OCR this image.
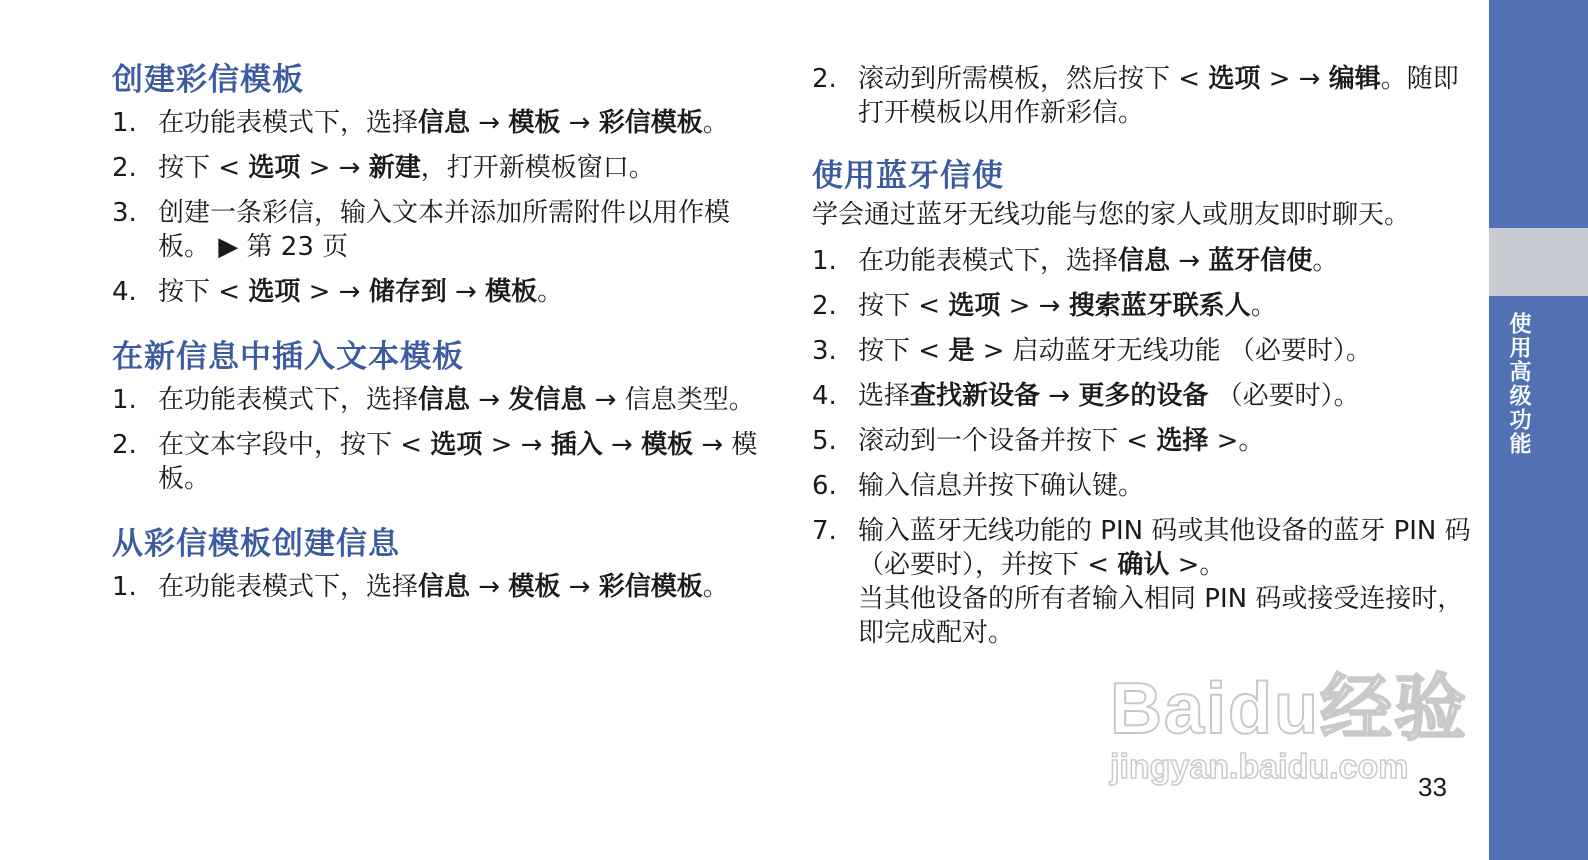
创建彩信模板
1. 在功能表模式下，选择信息 → 模板 → 彩信模板。
2. 按下 < 选项 > → 新建，打开新模板窗口。
3. 创建一条彩信，输入文本并添加所需附件以用作模板。 ▶ 第 23 页
4. 按下 < 选项 > → 储存到 → 模板。
在新信息中插入文本模板
1. 在功能表模式下，选择信息 → 发信息 → 信息类型。
2. 在文本字段中，按下 < 选项 > → 插入 → 模板 → 模板。
从彩信模板创建信息
1. 在功能表模式下，选择信息 → 模板 → 彩信模板。
2. 滚动到所需模板，然后按下 < 选项 > → 编辑。随即打开模板以用作新彩信。
使用蓝牙信使

学会通过蓝牙无线功能与您的家人或朋友即时聊天。

1. 在功能表模式下，选择信息 → 蓝牙信使。
2. 按下 < 选项 > → 搜索蓝牙联系人。
3. 按下 < 是 > 启动蓝牙无线功能 （必要时）。
4. 选择查找新设备 → 更多的设备 （必要时）。
5. 滚动到一个设备并按下 < 选择 >。
6. 输入信息并按下确认键。
7. 输入蓝牙无线功能的 PIN 码或其他设备的蓝牙 PIN 码 （必要时），并按下 < 确认 >。
当其他设备的所有者输入相同 PIN 码或接受连接时，即完成配对。
使用高级功能
Baidu经验
jingyan.baidu.com
33
